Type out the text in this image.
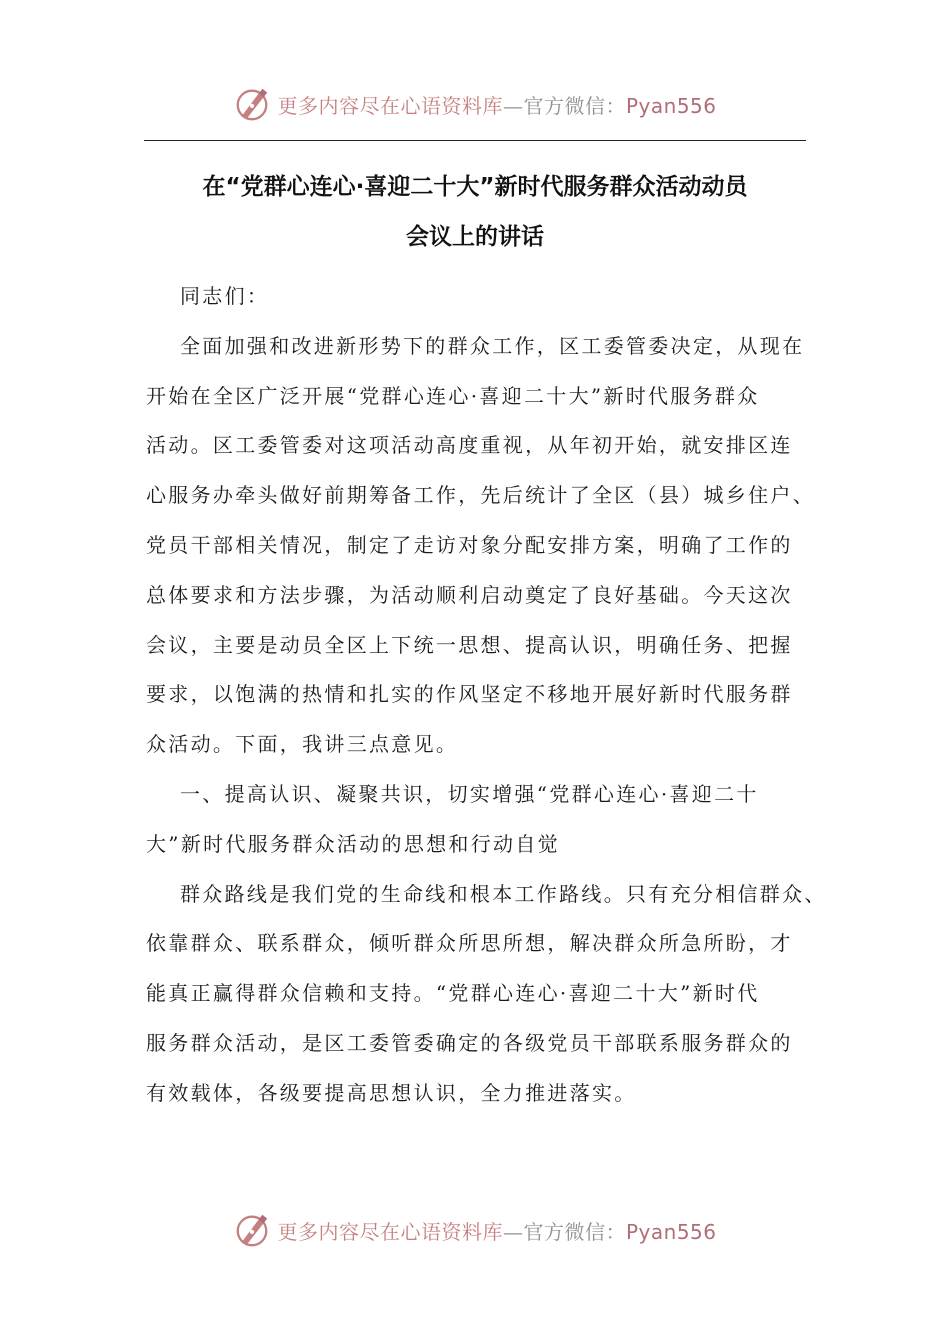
更多内容尽在心语资料库—官方微信：Pyan556
在“党群心连心·喜迎二十大”新时代服务群众活动动员
会议上的讲话
同志们：
全面加强和改进新形势下的群众工作，区工委管委决定，从现在
开始在全区广泛开展“党群心连心·喜迎二十大”新时代服务群众
活动。区工委管委对这项活动高度重视，从年初开始，就安排区连
心服务办牵头做好前期筹备工作，先后统计了全区（县）城乡住户、
党员干部相关情况，制定了走访对象分配安排方案，明确了工作的
总体要求和方法步骤，为活动顺利启动奠定了良好基础。今天这次
会议，主要是动员全区上下统一思想、提高认识，明确任务、把握
要求，以饱满的热情和扎实的作风坚定不移地开展好新时代服务群
众活动。下面，我讲三点意见。
一、提高认识、凝聚共识，切实增强“党群心连心·喜迎二十
大”新时代服务群众活动的思想和行动自觉
群众路线是我们党的生命线和根本工作路线。只有充分相信群众、
依靠群众、联系群众，倾听群众所思所想，解决群众所急所盼，才
能真正赢得群众信赖和支持。“党群心连心·喜迎二十大”新时代
服务群众活动，是区工委管委确定的各级党员干部联系服务群众的
有效载体，各级要提高思想认识，全力推进落实。
更多内容尽在心语资料库—官方微信：Pyan556
